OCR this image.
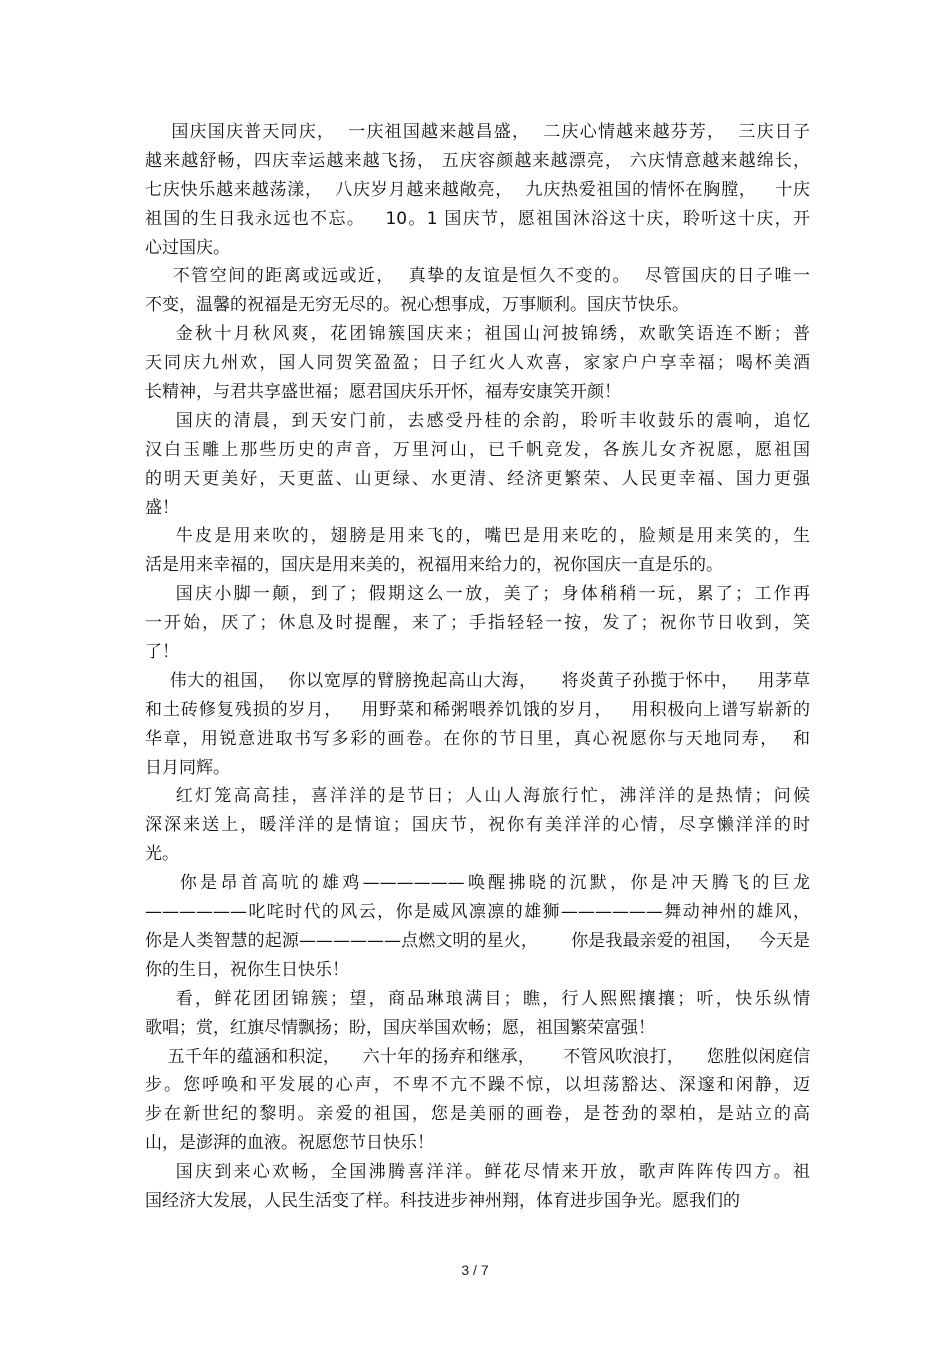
国庆国庆普天同庆，  一庆祖国越来越昌盛，  二庆心情越来越芬芳，  三庆日子
越来越舒畅，四庆幸运越来越飞扬， 五庆容颜越来越漂亮， 六庆情意越来越绵长，
七庆快乐越来越荡漾，  八庆岁月越来越敞亮，  九庆热爱祖国的情怀在胸膛，   十庆
祖国的生日我永远也不忘。   10。1 国庆节，愿祖国沐浴这十庆，聆听这十庆，开
心过国庆。
不管空间的距离或远或近，  真挚的友谊是恒久不变的。  尽管国庆的日子唯一
不变，温馨的祝福是无穷无尽的。祝心想事成，万事顺利。国庆节快乐。
金秋十月秋风爽，花团锦簇国庆来；祖国山河披锦绣，欢歌笑语连不断；普
天同庆九州欢，国人同贺笑盈盈；日子红火人欢喜，家家户户享幸福；喝杯美酒
长精神，与君共享盛世福；愿君国庆乐开怀，福寿安康笑开颜！
国庆的清晨，到天安门前，去感受丹桂的余韵，聆听丰收鼓乐的震响，追忆
汉白玉雕上那些历史的声音，万里河山，已千帆竞发，各族儿女齐祝愿，愿祖国
的明天更美好，天更蓝、山更绿、水更清、经济更繁荣、人民更幸福、国力更强
盛！
牛皮是用来吹的，翅膀是用来飞的，嘴巴是用来吃的，脸颊是用来笑的，生
活是用来幸福的，国庆是用来美的，祝福用来给力的，祝你国庆一直是乐的。
国庆小脚一颠，到了；假期这么一放，美了；身体稍稍一玩，累了；工作再
一开始，厌了；休息及时提醒，来了；手指轻轻一按，发了；祝你节日收到，笑
了！
伟大的祖国，  你以宽厚的臂膀挽起高山大海，    将炎黄子孙揽于怀中，   用茅草
和土砖修复残损的岁月，   用野菜和稀粥喂养饥饿的岁月，   用积极向上谱写崭新的
华章，用锐意进取书写多彩的画卷。在你的节日里，真心祝愿你与天地同寿，  和
日月同辉。
红灯笼高高挂，喜洋洋的是节日；人山人海旅行忙，沸洋洋的是热情；问候
深深来送上，暖洋洋的是情谊；国庆节，祝你有美洋洋的心情，尽享懒洋洋的时
光。
你是昂首高吭的雄鸡——————唤醒拂晓的沉默，你是冲天腾飞的巨龙
——————叱咤时代的风云，你是威风凛凛的雄狮——————舞动神州的雄风，
你是人类智慧的起源——————点燃文明的星火，      你是我最亲爱的祖国，   今天是
你的生日，祝你生日快乐！
看，鲜花团团锦簇；望，商品琳琅满目；瞧，行人熙熙攘攘；听，快乐纵情
歌唱；赏，红旗尽情飘扬；盼，国庆举国欢畅；愿，祖国繁荣富强！
五千年的蕴涵和积淀，    六十年的扬弃和继承，     不管风吹浪打，    您胜似闲庭信
步。您呼唤和平发展的心声，不卑不亢不躁不惊，以坦荡豁达、深邃和闲静，迈
步在新世纪的黎明。亲爱的祖国，您是美丽的画卷，是苍劲的翠柏，是站立的高
山，是澎湃的血液。祝愿您节日快乐！
国庆到来心欢畅，全国沸腾喜洋洋。鲜花尽情来开放，歌声阵阵传四方。祖
国经济大发展，人民生活变了样。科技进步神州翔，体育进步国争光。愿我们的
3 / 7
